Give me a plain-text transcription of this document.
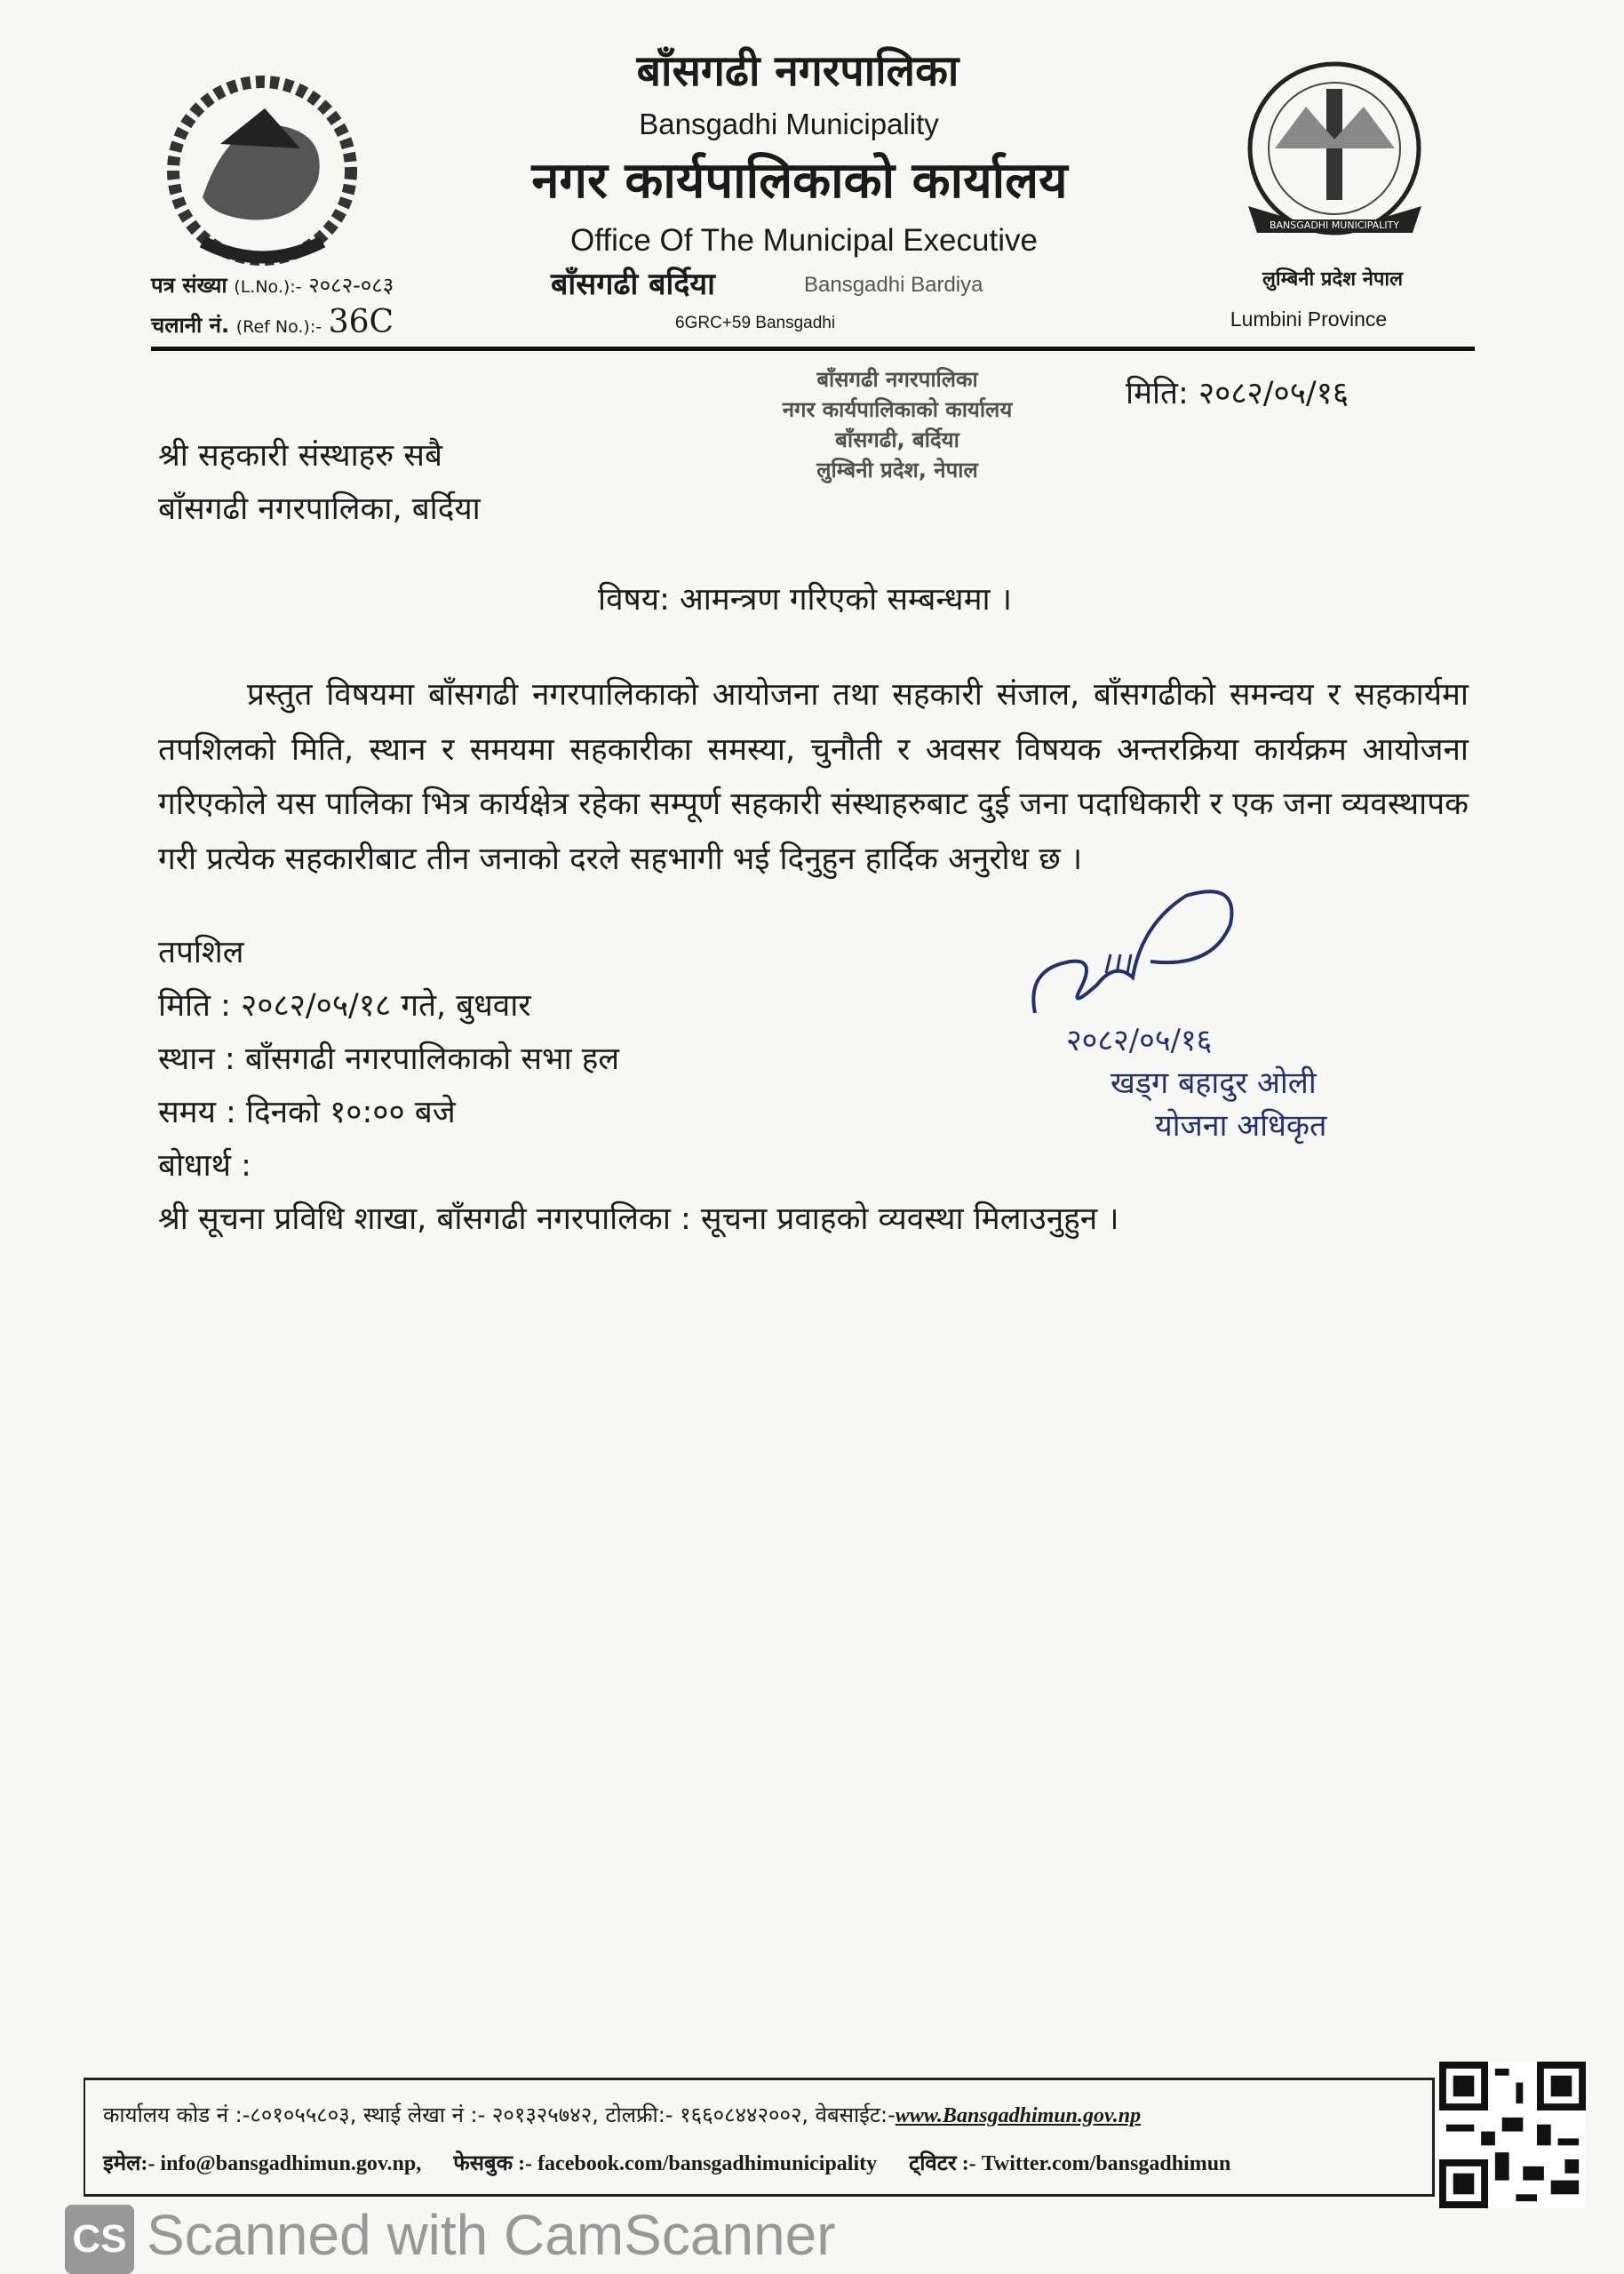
बाँसगढी नगरपालिका
Bansgadhi Municipality
नगर कार्यपालिकाको कार्यालय
Office Of The Municipal Executive
बाँसगढी बर्दिया	Bansgadhi Bardiya
6GRC+59 Bansgadhi
पत्र संख्या (L.No.):- २०८२-०८३
चलानी नं. (Ref No.):- 36C
BANSGADHI MUNICIPALITY
लुम्बिनी प्रदेश नेपाल
Lumbini Province
बाँसगढी नगरपालिका
नगर कार्यपालिकाको कार्यालय
बाँसगढी, बर्दिया
लुम्बिनी प्रदेश, नेपाल
मिति: २०८२/०५/१६
श्री सहकारी संस्थाहरु सबै
बाँसगढी नगरपालिका, बर्दिया
विषय: आमन्त्रण गरिएको सम्बन्धमा ।

प्रस्तुत विषयमा बाँसगढी नगरपालिकाको आयोजना तथा सहकारी संजाल, बाँसगढीको समन्वय र सहकार्यमा तपशिलको मिति, स्थान र समयमा सहकारीका समस्या, चुनौती र अवसर विषयक अन्तरक्रिया कार्यक्रम आयोजना गरिएकोले यस पालिका भित्र कार्यक्षेत्र रहेका सम्पूर्ण सहकारी संस्थाहरुबाट दुई जना पदाधिकारी र एक जना व्यवस्थापक गरी प्रत्येक सहकारीबाट तीन जनाको दरले सहभागी भई दिनुहुन हार्दिक अनुरोध छ ।

तपशिल
मिति : २०८२/०५/१८ गते, बुधवार
स्थान : बाँसगढी नगरपालिकाको सभा हल
समय : दिनको १०:०० बजे
बोधार्थ :
श्री सूचना प्रविधि शाखा, बाँसगढी नगरपालिका : सूचना प्रवाहको व्यवस्था मिलाउनुहुन ।
२०८२/०५/१६
खड्ग बहादुर ओली
योजना अधिकृत
कार्यालय कोड नं :-८०१०५५८०३, स्थाई लेखा नं :- २०१३२५७४२, टोलफ्री:- १६६०८४४२००२, वेबसाईट:-www.Bansgadhimun.gov.np
इमेल:- info@bansgadhimun.gov.np, फेसबुक :- facebook.com/bansgadhimunicipality ट्विटर :- Twitter.com/bansgadhimun
CS Scanned with CamScanner
